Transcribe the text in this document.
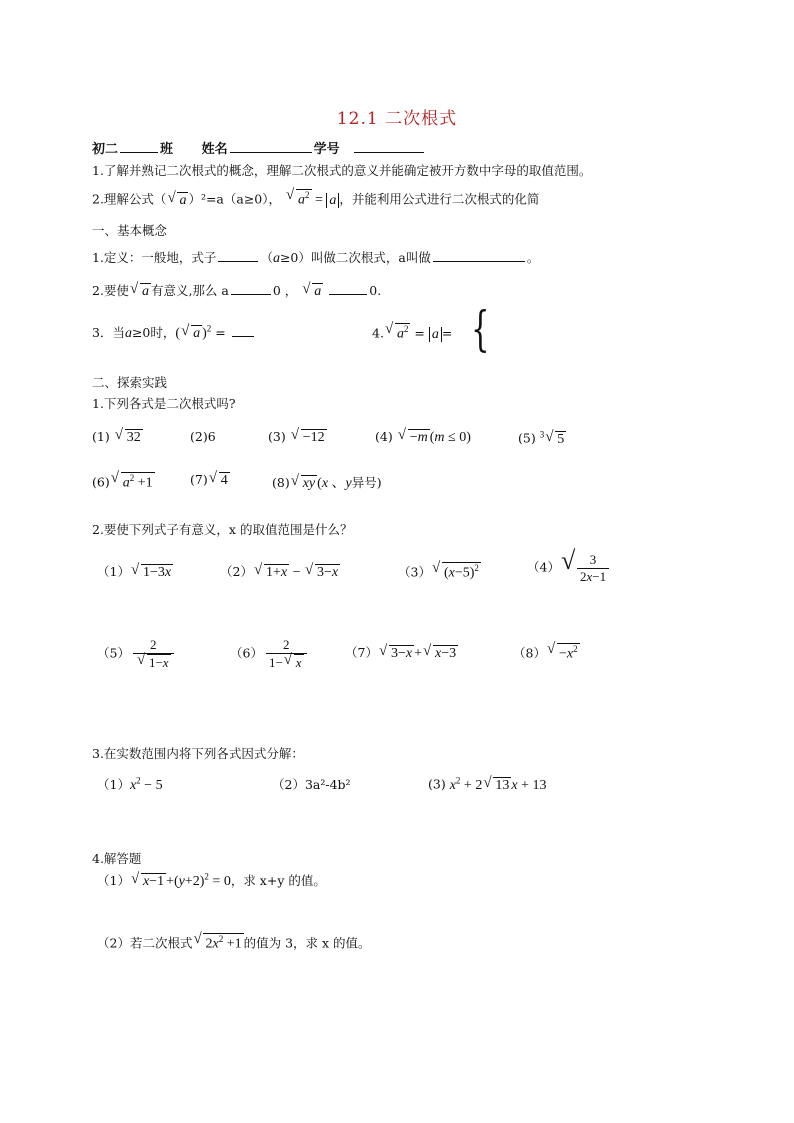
12.1 二次根式
初二	班 姓名	学号
1.了解并熟记二次根式的概念，理解二次根式的意义并能确定被开方数中字母的取值范围。
2.理解公式（ √ a ）²=a（a≥0）， √ $a^2 = a$ ，并能利用公式进行二次根式的化简
一、基本概念
1.定义：一般地，式子	（a≥0）叫做二次根式，a叫做	。
2.要使 √ a 有意义,那么 a	0 ， √ a	0.
3．当a≥0时，( √ a )$^2$ =	4. √ $a^2 = a$ = {
二、探索实践
1.下列各式是二次根式吗?
(1) √ 32	(2)6	(3) √ −12	(4) √ −m (m ≤ 0)	(5) $^3$ √ 5
(6) √ $a^2 +1$	(7) √ 4	(8) √ xy (x 、y异号)
2.要使下列式子有意义，x 的取值范围是什么？
（1） √ 1−3x	（2） √ 1+x − √ 3−x	（3） √ $(x-5)^2$	（4） √ $\frac{3}{2x-1}$
$(5) \frac{2}{√ 1-x}$	$(6) \frac{2}{1- √ x}$	（7） √ 3−x + √ x−3	（8） √ $-x^2$
3.在实数范围内将下列各式因式分解：
$(1)x^2 - 5$	（2）3a²-4b²	(3) $x^2 + 2$ √ 13 x + 13
4.解答题
（1） √ $x-1 +(y+2)^2 = 0$，求 x+y 的值。
（2）若二次根式 √ $2x^2 +1$ 的值为 3，求 x 的值。
